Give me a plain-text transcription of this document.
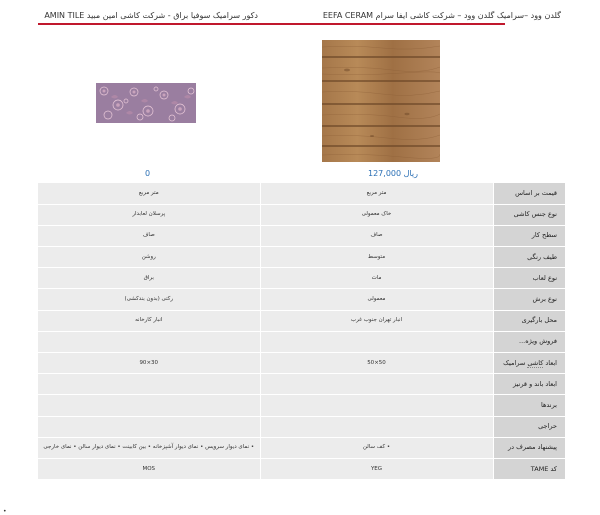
گلدن وود –سرامیک گلدن وود – شرکت کاشی ایفا سرام EEFA CERAM
127,000 ریال
دکور سرامیک سوفیا براق - شرکت کاشی امین مبید AMIN TILE
0
متر مربع	متر مربع	قیمت بر اساس
پرسلان لعابدار	خاک معمولی	نوع جنس کاشی
صاف	صاف	سطح کار
روشن	متوسط	طیف رنگی
براق	مات	نوع لعاب
رکتی (بدون بندکشی)	معمولی	نوع برش
انبار کارخانه	انبار تهران جنوب غرب	محل بارگیری
		فروش ویژه...
30×90	50×50	ابعاد کاشی سرامیک
		ابعاد باند و قرنیز
		برندها
		حراجی
• نمای دیوار سرویس • نمای دیوار آشپزخانه • بین کابینت • نمای دیوار سالن • نمای خارجی	• کف سالن	پیشنهاد مصرف در
MOS	YEG	کد TAME
•
